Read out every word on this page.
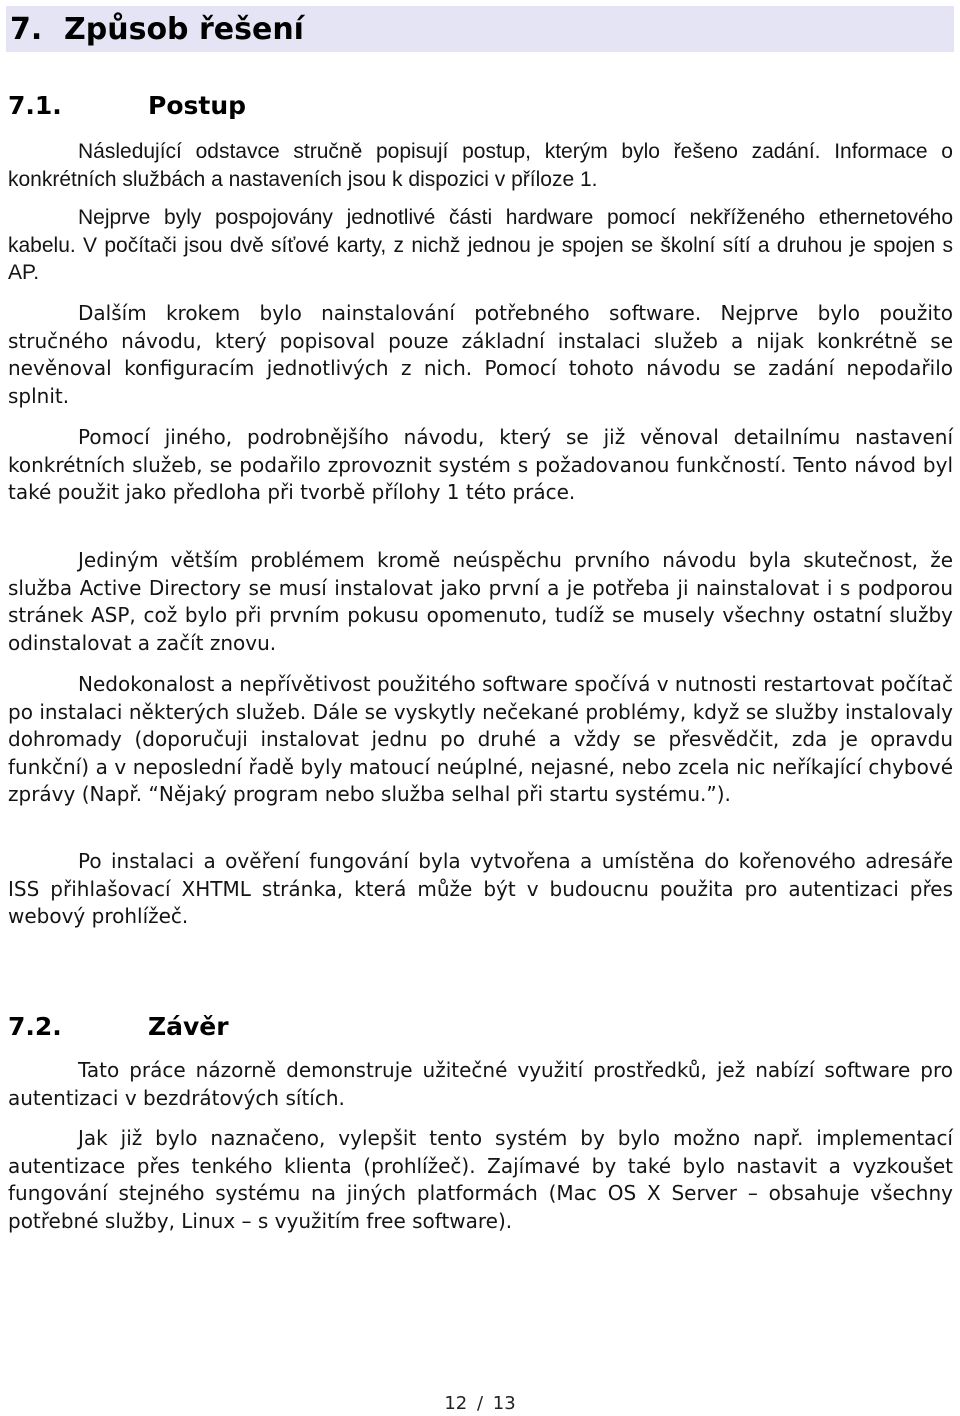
7. Způsob řešení
7.1.	Postup

Následující odstavce stručně popisují postup, kterým bylo řešeno zadání. Informace o konkrétních službách a nastaveních jsou k dispozici v příloze 1.

Nejprve byly pospojovány jednotlivé části hardware pomocí nekříženého ethernetového kabelu. V počítači jsou dvě síťové karty, z nichž jednou je spojen se školní sítí a druhou je spojen s AP.

Dalším krokem bylo nainstalování potřebného software. Nejprve bylo použito stručného návodu, který popisoval pouze základní instalaci služeb a nijak konkrétně se nevěnoval konfiguracím jednotlivých z nich. Pomocí tohoto návodu se zadání nepodařilo splnit.

Pomocí jiného, podrobnějšího návodu, který se již věnoval detailnímu nastavení konkrétních služeb, se podařilo zprovoznit systém s požadovanou funkčností. Tento návod byl také použit jako předloha při tvorbě přílohy 1 této práce.

Jediným větším problémem kromě neúspěchu prvního návodu byla skutečnost, že služba Active Directory se musí instalovat jako první a je potřeba ji nainstalovat i s podporou stránek ASP, což bylo při prvním pokusu opomenuto, tudíž se musely všechny ostatní služby odinstalovat a začít znovu.

Nedokonalost a nepřívětivost použitého software spočívá v nutnosti restartovat počítač po instalaci některých služeb. Dále se vyskytly nečekané problémy, když se služby instalovaly dohromady (doporučuji instalovat jednu po druhé a vždy se přesvědčit, zda je opravdu funkční) a v neposlední řadě byly matoucí neúplné, nejasné, nebo zcela nic neříkající chybové zprávy (Např. “Nějaký program nebo služba selhal při startu systému.”).

Po instalaci a ověření fungování byla vytvořena a umístěna do kořenového adresáře ISS přihlašovací XHTML stránka, která může být v budoucnu použita pro autentizaci přes webový prohlížeč.

7.2.	Závěr

Tato práce názorně demonstruje užitečné využití prostředků, jež nabízí software pro autentizaci v bezdrátových sítích.

Jak již bylo naznačeno, vylepšit tento systém by bylo možno např. implementací autentizace přes tenkého klienta (prohlížeč). Zajímavé by také bylo nastavit a vyzkoušet fungování stejného systému na jiných platformách (Mac OS X Server – obsahuje všechny potřebné služby, Linux – s využitím free software).

12 / 13
